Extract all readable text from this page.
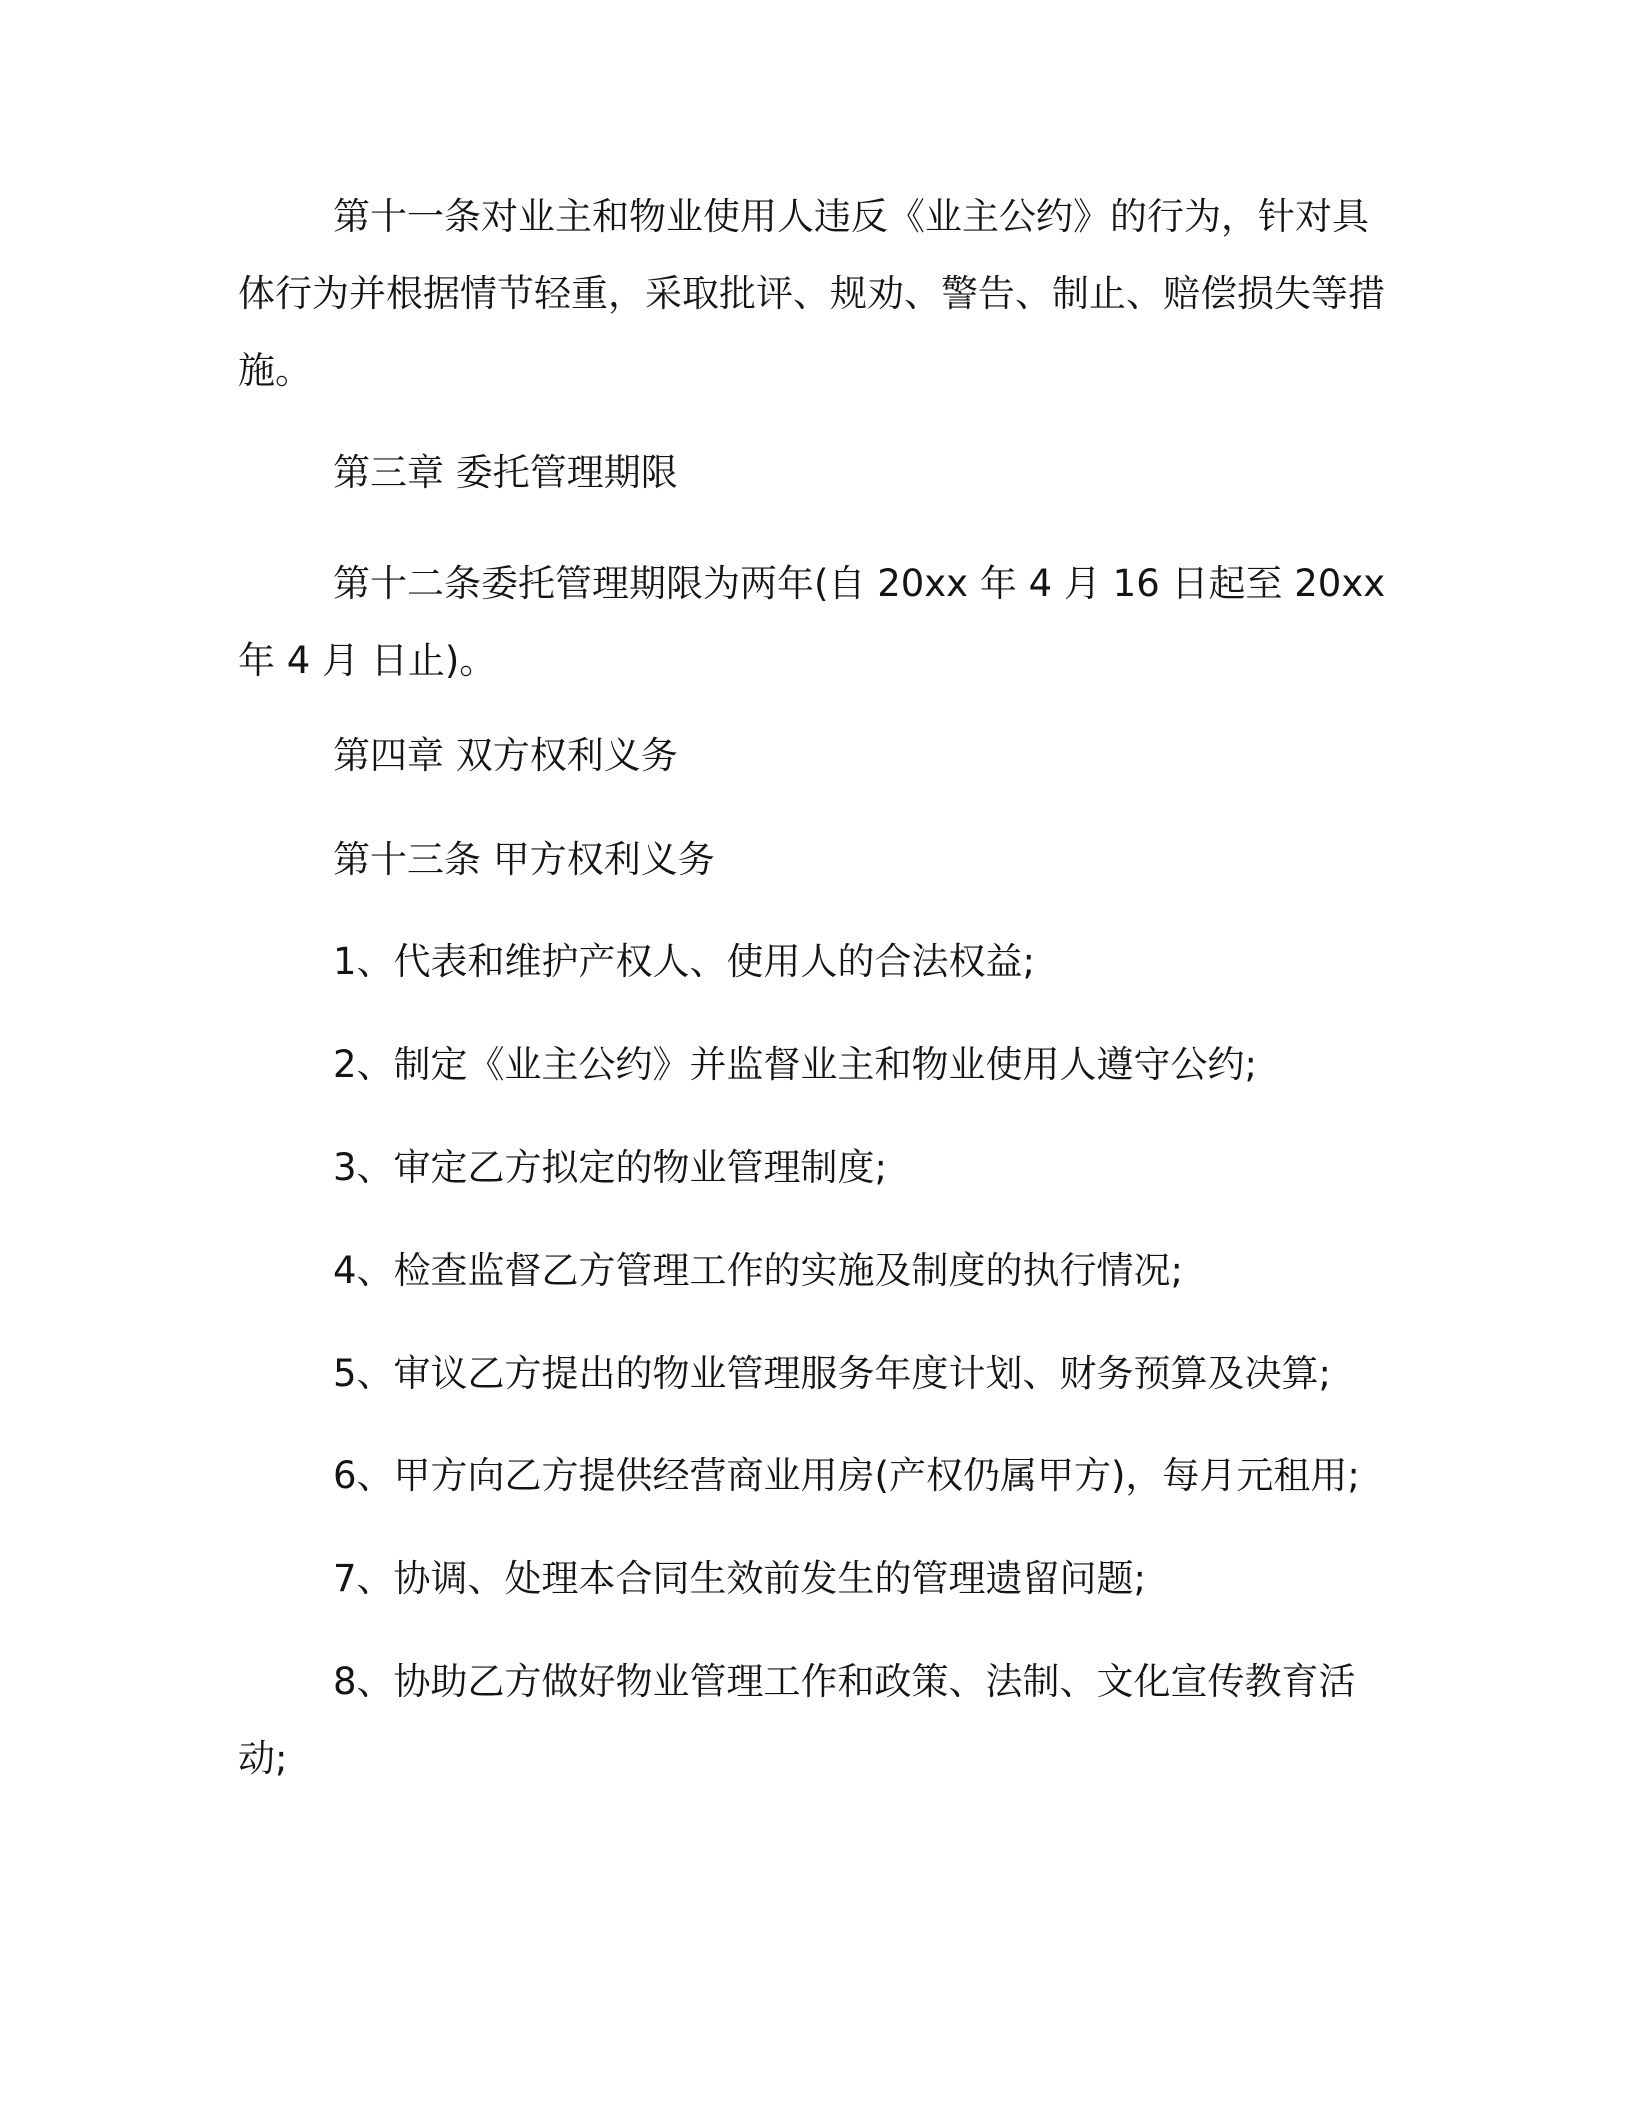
第十一条对业主和物业使用人违反《业主公约》的行为，针对具体行为并根据情节轻重，采取批评、规劝、警告、制止、赔偿损失等措施。

第三章 委托管理期限

第十二条委托管理期限为两年(自 20xx 年 4 月 16 日起至 20xx 年 4 月 日止)。

第四章 双方权利义务

第十三条 甲方权利义务

1、代表和维护产权人、使用人的合法权益;

2、制定《业主公约》并监督业主和物业使用人遵守公约;

3、审定乙方拟定的物业管理制度;

4、检查监督乙方管理工作的实施及制度的执行情况;

5、审议乙方提出的物业管理服务年度计划、财务预算及决算;

6、甲方向乙方提供经营商业用房(产权仍属甲方)，每月元租用;

7、协调、处理本合同生效前发生的管理遗留问题;

8、协助乙方做好物业管理工作和政策、法制、文化宣传教育活动;
